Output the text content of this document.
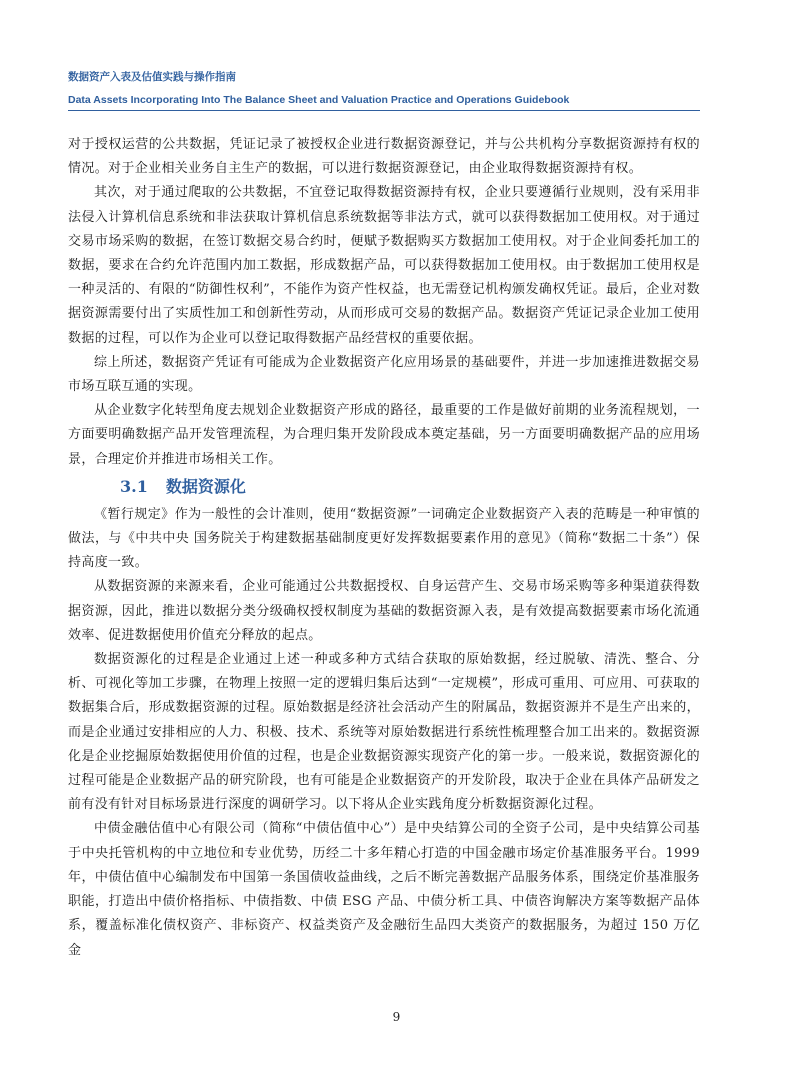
数据资产入表及估值实践与操作指南
Data Assets Incorporating Into The Balance Sheet and Valuation Practice and Operations Guidebook

对于授权运营的公共数据，凭证记录了被授权企业进行数据资源登记，并与公共机构分享数据资源持有权的情况。对于企业相关业务自主生产的数据，可以进行数据资源登记，由企业取得数据资源持有权。

其次，对于通过爬取的公共数据，不宜登记取得数据资源持有权，企业只要遵循行业规则，没有采用非法侵入计算机信息系统和非法获取计算机信息系统数据等非法方式，就可以获得数据加工使用权。对于通过交易市场采购的数据，在签订数据交易合约时，便赋予数据购买方数据加工使用权。对于企业间委托加工的数据，要求在合约允许范围内加工数据，形成数据产品，可以获得数据加工使用权。由于数据加工使用权是一种灵活的、有限的“防御性权利”，不能作为资产性权益，也无需登记机构颁发确权凭证。最后，企业对数据资源需要付出了实质性加工和创新性劳动，从而形成可交易的数据产品。数据资产凭证记录企业加工使用数据的过程，可以作为企业可以登记取得数据产品经营权的重要依据。

综上所述，数据资产凭证有可能成为企业数据资产化应用场景的基础要件，并进一步加速推进数据交易市场互联互通的实现。

从企业数字化转型角度去规划企业数据资产形成的路径，最重要的工作是做好前期的业务流程规划，一方面要明确数据产品开发管理流程，为合理归集开发阶段成本奠定基础，另一方面要明确数据产品的应用场景，合理定价并推进市场相关工作。

3.1 数据资源化

《暂行规定》作为一般性的会计准则，使用“数据资源”一词确定企业数据资产入表的范畴是一种审慎的做法，与《中共中央 国务院关于构建数据基础制度更好发挥数据要素作用的意见》（简称“数据二十条”）保持高度一致。

从数据资源的来源来看，企业可能通过公共数据授权、自身运营产生、交易市场采购等多种渠道获得数据资源，因此，推进以数据分类分级确权授权制度为基础的数据资源入表，是有效提高数据要素市场化流通效率、促进数据使用价值充分释放的起点。

数据资源化的过程是企业通过上述一种或多种方式结合获取的原始数据，经过脱敏、清洗、整合、分析、可视化等加工步骤，在物理上按照一定的逻辑归集后达到“一定规模”，形成可重用、可应用、可获取的数据集合后，形成数据资源的过程。原始数据是经济社会活动产生的附属品，数据资源并不是生产出来的，而是企业通过安排相应的人力、积极、技术、系统等对原始数据进行系统性梳理整合加工出来的。数据资源化是企业挖掘原始数据使用价值的过程，也是企业数据资源实现资产化的第一步。一般来说，数据资源化的过程可能是企业数据产品的研究阶段，也有可能是企业数据资产的开发阶段，取决于企业在具体产品研发之前有没有针对目标场景进行深度的调研学习。以下将从企业实践角度分析数据资源化过程。

中债金融估值中心有限公司（简称“中债估值中心”）是中央结算公司的全资子公司，是中央结算公司基于中央托管机构的中立地位和专业优势，历经二十多年精心打造的中国金融市场定价基准服务平台。1999年，中债估值中心编制发布中国第一条国债收益曲线，之后不断完善数据产品服务体系，围绕定价基准服务职能，打造出中债价格指标、中债指数、中债 ESG 产品、中债分析工具、中债咨询解决方案等数据产品体系，覆盖标准化债权资产、非标资产、权益类资产及金融衍生品四大类资产的数据服务，为超过 150 万亿金

9
